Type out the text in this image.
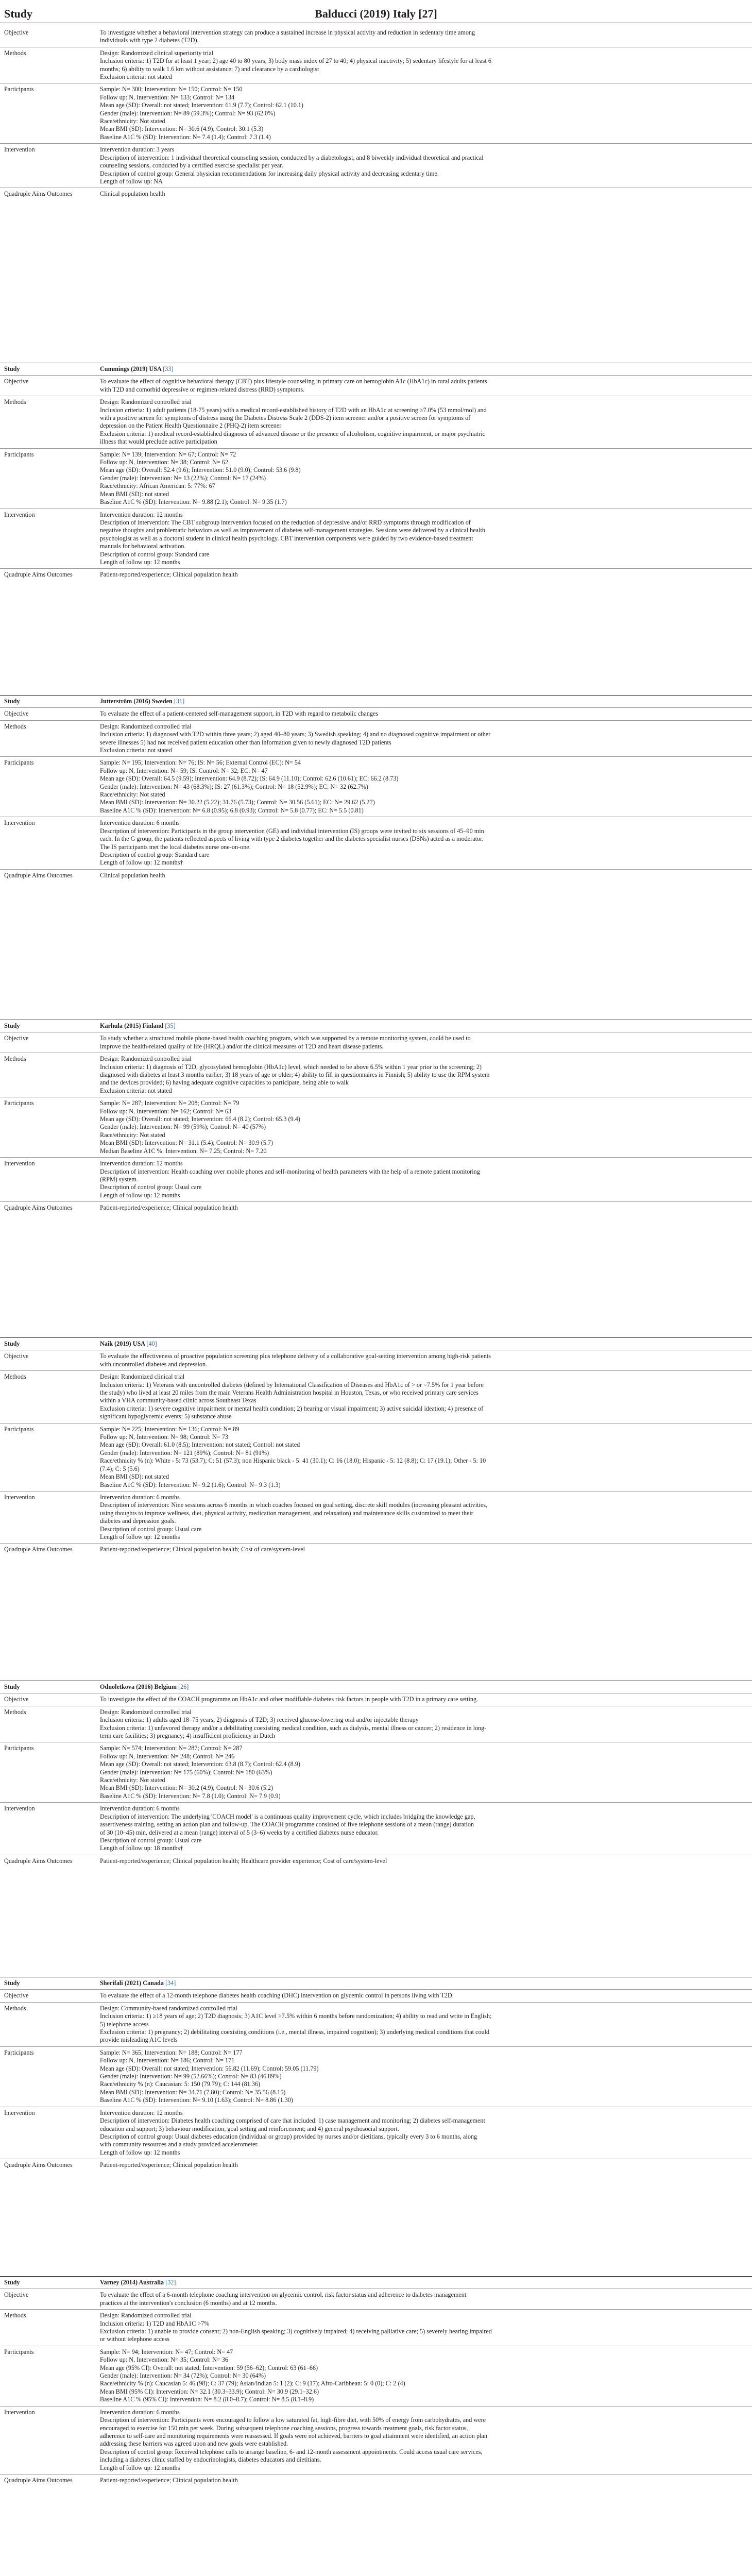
Study	Balducci (2019) Italy [27]
Objective	To investigate whether a behavioral intervention strategy can produce a sustained increase in physical activity and reduction in sedentary time among
individuals with type 2 diabetes (T2D).
Methods	Design: Randomized clinical superiority trial
Inclusion criteria: 1) T2D for at least 1 year; 2) age 40 to 80 years; 3) body mass index of 27 to 40; 4) physical inactivity; 5) sedentary lifestyle for at least 6
months; 6) ability to walk 1.6 km without assistance; 7) and clearance by a cardiologist
Exclusion criteria: not stated
Participants	Sample: N= 300; Intervention: N= 150; Control: N= 150
Follow up: N, Intervention: N= 133; Control: N= 134
Mean age (SD): Overall: not stated; Intervention: 61.9 (7.7); Control: 62.1 (10.1)
Gender (male): Intervention: N= 89 (59.3%); Control: N= 93 (62.0%)
Race/ethnicity: Not stated
Mean BMI (SD): Intervention: N= 30.6 (4.9); Control: 30.1 (5.3)
Baseline A1C % (SD): Intervention: N= 7.4 (1.4); Control: 7.3 (1.4)
Intervention	Intervention duration: 3 years
Description of intervention: 1 individual theoretical counseling session, conducted by a diabetologist, and 8 biweekly individual theoretical and practical
counseling sessions, conducted by a certified exercise specialist per year.
Description of control group: General physician recommendations for increasing daily physical activity and decreasing sedentary time.
Length of follow up: NA
Quadruple Aims Outcomes	Clinical population health
Study	Cummings (2019) USA [33]
Objective	To evaluate the effect of cognitive behavioral therapy (CBT) plus lifestyle counseling in primary care on hemoglobin A1c (HbA1c) in rural adults patients
with T2D and comorbid depressive or regimen-related distress (RRD) symptoms.
Methods	Design: Randomized controlled trial
Inclusion criteria: 1) adult patients (18-75 years) with a medical record-established history of T2D with an HbA1c at screening ≥7.0% (53 mmol/mol) and
with a positive screen for symptoms of distress using the Diabetes Distress Scale 2 (DDS-2) item screener and/or a positive screen for symptoms of
depression on the Patient Health Questionnaire 2 (PHQ-2) item screener
Exclusion criteria: 1) medical record-established diagnosis of advanced disease or the presence of alcoholism, cognitive impairment, or major psychiatric
illness that would preclude active participation
Participants	Sample: N= 139; Intervention: N= 67; Control: N= 72
Follow up: N, Intervention: N= 38; Control: N= 62
Mean age (SD): Overall: 52.4 (9.6); Intervention: 51.0 (9.0); Control: 53.6 (9.8)
Gender (male): Intervention: N= 13 (22%); Control: N= 17 (24%)
Race/ethnicity: African American: 5: 77%: 67
Mean BMI (SD): not stated
Baseline A1C % (SD): Intervention: N= 9.88 (2.1); Control: N= 9.35 (1.7)
Intervention	Intervention duration: 12 months
Description of intervention: The CBT subgroup intervention focused on the reduction of depressive and/or RRD symptoms through modification of
negative thoughts and problematic behaviors as well as improvement of diabetes self-management strategies. Sessions were delivered by a clinical health
psychologist as well as a doctoral student in clinical health psychology. CBT intervention components were guided by two evidence-based treatment
manuals for behavioral activation.
Description of control group: Standard care
Length of follow up: 12 months
Quadruple Aims Outcomes	Patient-reported/experience; Clinical population health
Study	Jutterström (2016) Sweden [31]
Objective	To evaluate the effect of a patient-centered self-management support, in T2D with regard to metabolic changes
Methods	Design: Randomized controlled trial
Inclusion criteria: 1) diagnosed with T2D within three years; 2) aged 40–80 years; 3) Swedish speaking; 4) and no diagnosed cognitive impairment or other
severe illnesses 5) had not received patient education other than information given to newly diagnosed T2D patients
Exclusion criteria: not stated
Participants	Sample: N= 195; Intervention: N= 76; IS: N= 56; External Control (EC): N= 54
Follow up: N, Intervention: N= 59; IS: Control: N= 32; EC: N= 47
Mean age (SD): Overall: 64.5 (9.59); Intervention: 64.9 (8.72); IS: 64.9 (11.10); Control: 62.6 (10.61); EC: 66.2 (8.73)
Gender (male): Intervention: N= 43 (68.3%); IS: 27 (61.3%); Control: N= 18 (52.9%); EC: N= 32 (62.7%)
Race/ethnicity: Not stated
Mean BMI (SD): Intervention: N= 30.22 (5.22); 31.76 (5.73); Control: N= 30.56 (5.61); EC: N= 29.62 (5.27)
Baseline A1C % (SD): Intervention: N= 6.8 (0.95); 6.8 (0.93); Control: N= 5.8 (0.77); EC: N= 5.5 (0.81)
Intervention	Intervention duration: 6 months
Description of intervention: Participants in the group intervention (GE) and individual intervention (IS) groups were invited to six sessions of 45–90 min
each. In the G group, the patients reflected aspects of living with type 2 diabetes together and the diabetes specialist nurses (DSNs) acted as a moderator.
The IS participants met the local diabetes nurse one-on-one.
Description of control group: Standard care
Length of follow up: 12 months†
Quadruple Aims Outcomes	Clinical population health
Study	Karhula (2015) Finland [35]
Objective	To study whether a structured mobile phone-based health coaching program, which was supported by a remote monitoring system, could be used to
improve the health-related quality of life (HRQL) and/or the clinical measures of T2D and heart disease patients.
Methods	Design: Randomized controlled trial
Inclusion criteria: 1) diagnosis of T2D, glycosylated hemoglobin (HbA1c) level, which needed to be above 6.5% within 1 year prior to the screening; 2)
diagnosed with diabetes at least 3 months earlier; 3) 18 years of age or older; 4) ability to fill in questionnaires in Finnish; 5) ability to use the RPM system
and the devices provided; 6) having adequate cognitive capacities to participate, being able to walk
Exclusion criteria: not stated
Participants	Sample: N= 287; Intervention: N= 208; Control: N= 79
Follow up: N, Intervention: N= 162; Control: N= 63
Mean age (SD): Overall: not stated; Intervention: 66.4 (8.2); Control: 65.3 (9.4)
Gender (male): Intervention: N= 99 (59%); Control: N= 40 (57%)
Race/ethnicity: Not stated
Mean BMI (SD): Intervention: N= 31.1 (5.4); Control: N= 30.9 (5.7)
Median Baseline A1C %: Intervention: N= 7.25; Control: N= 7.20
Intervention	Intervention duration: 12 months
Description of intervention: Health coaching over mobile phones and self-monitoring of health parameters with the help of a remote patient monitoring
(RPM) system.
Description of control group: Usual care
Length of follow up: 12 months
Quadruple Aims Outcomes	Patient-reported/experience; Clinical population health
Study	Naik (2019) USA [40]
Objective	To evaluate the effectiveness of proactive population screening plus telephone delivery of a collaborative goal-setting intervention among high-risk patients
with uncontrolled diabetes and depression.
Methods	Design: Randomized clinical trial
Inclusion criteria: 1) Veterans with uncontrolled diabetes (defined by International Classification of Diseases and HbA1c of > or =7.5% for 1 year before
the study) who lived at least 20 miles from the main Veterans Health Administration hospital in Houston, Texas, or who received primary care services
within a VHA community-based clinic across Southeast Texas
Exclusion criteria: 1) severe cognitive impairment or mental health condition; 2) hearing or visual impairment; 3) active suicidal ideation; 4) presence of
significant hypoglycemic events; 5) substance abuse
Participants	Sample: N= 225; Intervention: N= 136; Control: N= 89
Follow up: N, Intervention: N= 98; Control: N= 73
Mean age (SD): Overall: 61.0 (8.5); Intervention: not stated; Control: not stated
Gender (male): Intervention: N= 121 (89%); Control: N= 81 (91%)
Race/ethnicity % (n): White - 5: 73 (53.7); C: 51 (57.3); non Hispanic black - 5: 41 (30.1); C: 16 (18.0); Hispanic - 5: 12 (8.8); C: 17 (19.1); Other - 5: 10
(7.4); C: 5 (5.6)
Mean BMI (SD): not stated
Baseline A1C % (SD): Intervention: N= 9.2 (1.6); Control: N= 9.3 (1.3)
Intervention	Intervention duration: 6 months
Description of intervention: Nine sessions across 6 months in which coaches focused on goal setting, discrete skill modules (increasing pleasant activities,
using thoughts to improve wellness, diet, physical activity, medication management, and relaxation) and maintenance skills customized to meet their
diabetes and depression goals.
Description of control group: Usual care
Length of follow up: 12 months
Quadruple Aims Outcomes	Patient-reported/experience; Clinical population health; Cost of care/system-level
Study	Odnoletkova (2016) Belgium [26]
Objective	To investigate the effect of the COACH programme on HbA1c and other modifiable diabetes risk factors in people with T2D in a primary care setting.
Methods	Design: Randomized controlled trial
Inclusion criteria: 1) adults aged 18–75 years; 2) diagnosis of T2D; 3) received glucose-lowering oral and/or injectable therapy
Exclusion criteria: 1) unfavored therapy and/or a debilitating coexisting medical condition, such as dialysis, mental illness or cancer; 2) residence in long-
term care facilities; 3) pregnancy; 4) insufficient proficiency in Dutch
Participants	Sample: N= 574; Intervention: N= 287; Control: N= 287
Follow up: N, Intervention: N= 248; Control: N= 246
Mean age (SD): Overall: not stated; Intervention: 63.8 (8.7); Control: 62.4 (8.9)
Gender (male): Intervention: N= 175 (60%); Control: N= 180 (63%)
Race/ethnicity: Not stated
Mean BMI (SD): Intervention: N= 30.2 (4.9); Control: N= 30.6 (5.2)
Baseline A1C % (SD): Intervention: N= 7.8 (1.0); Control: N= 7.9 (0.9)
Intervention	Intervention duration: 6 months
Description of intervention: The underlying 'COACH model' is a continuous quality improvement cycle, which includes bridging the knowledge gap,
assertiveness training, setting an action plan and follow-up. The COACH programme consisted of five telephone sessions of a mean (range) duration
of 30 (10–45) min, delivered at a mean (range) interval of 5 (3–6) weeks by a certified diabetes nurse educator.
Description of control group: Usual care
Length of follow up: 18 months†
Quadruple Aims Outcomes	Patient-reported/experience; Clinical population health; Healthcare provider experience; Cost of care/system-level
Study	Sherifali (2021) Canada [34]
Objective	To evaluate the effect of a 12-month telephone diabetes health coaching (DHC) intervention on glycemic control in persons living with T2D.
Methods	Design: Community-based randomized controlled trial
Inclusion criteria: 1) ≥18 years of age; 2) T2D diagnosis; 3) A1C level >7.5% within 6 months before randomization; 4) ability to read and write in English;
5) telephone access
Exclusion criteria: 1) pregnancy; 2) debilitating coexisting conditions (i.e., mental illness, impaired cognition); 3) underlying medical conditions that could
provide misleading A1C levels
Participants	Sample: N= 365; Intervention: N= 188; Control: N= 177
Follow up: N, Intervention: N= 186; Control: N= 171
Mean age (SD): Overall: not stated; Intervention: 56.82 (11.69); Control: 59.05 (11.79)
Gender (male): Intervention: N= 99 (52.66%); Control: N= 83 (46.89%)
Race/ethnicity % (n): Caucasian: 5: 150 (79.79); C: 144 (81.36)
Mean BMI (SD): Intervention: N= 34.71 (7.80); Control: N= 35.56 (8.15)
Baseline A1C % (SD): Intervention: N= 9.10 (1.63); Control: N= 8.86 (1.30)
Intervention	Intervention duration: 12 months
Description of intervention: Diabetes health coaching comprised of care that included: 1) case management and monitoring; 2) diabetes self-management
education and support; 3) behaviour modification, goal setting and reinforcement; and 4) general psychosocial support.
Description of control group: Usual diabetes education (individual or group) provided by nurses and/or dietitians, typically every 3 to 6 months, along
with community resources and a study provided accelerometer.
Length of follow up: 12 months
Quadruple Aims Outcomes	Patient-reported/experience; Clinical population health
Study	Varney (2014) Australia [32]
Objective	To evaluate the effect of a 6-month telephone coaching intervention on glycemic control, risk factor status and adherence to diabetes management
practices at the intervention's conclusion (6 months) and at 12 months.
Methods	Design: Randomized controlled trial
Inclusion criteria: 1) T2D and HbA1C >7%
Exclusion criteria: 1) unable to provide consent; 2) non-English speaking; 3) cognitively impaired; 4) receiving palliative care; 5) severely hearing impaired
or without telephone access
Participants	Sample: N= 94; Intervention: N= 47; Control: N= 47
Follow up: N, Intervention: N= 35; Control: N= 36
Mean age (95% CI): Overall: not stated; Intervention: 59 (56–62); Control: 63 (61–66)
Gender (male): Intervention: N= 34 (72%); Control: N= 30 (64%)
Race/ethnicity % (n): Caucasian 5: 46 (98); C: 37 (79); Asian/Indian 5: 1 (2); C: 9 (17); Afro-Caribbean: 5: 0 (0); C: 2 (4)
Mean BMI (95% CI): Intervention: N= 32.1 (30.3–33.9); Control: N= 30.9 (29.1–32.6)
Baseline A1C % (95% CI): Intervention: N= 8.2 (8.0–8.7); Control: N= 8.5 (8.1–8.9)
Intervention	Intervention duration: 6 months
Description of intervention: Participants were encouraged to follow a low saturated fat, high-fibre diet, with 50% of energy from carbohydrates, and were
encouraged to exercise for 150 min per week. During subsequent telephone coaching sessions, progress towards treatment goals, risk factor status,
adherence to self-care and monitoring requirements were reassessed. If goals were not achieved, barriers to goal attainment were identified, an action plan
addressing these barriers was agreed upon and new goals were established.
Description of control group: Received telephone calls to arrange baseline, 6- and 12-month assessment appointments. Could access usual care services,
including a diabetes clinic staffed by endocrinologists, diabetes educators and dietitians.
Length of follow up: 12 months
Quadruple Aims Outcomes	Patient-reported/experience; Clinical population health
